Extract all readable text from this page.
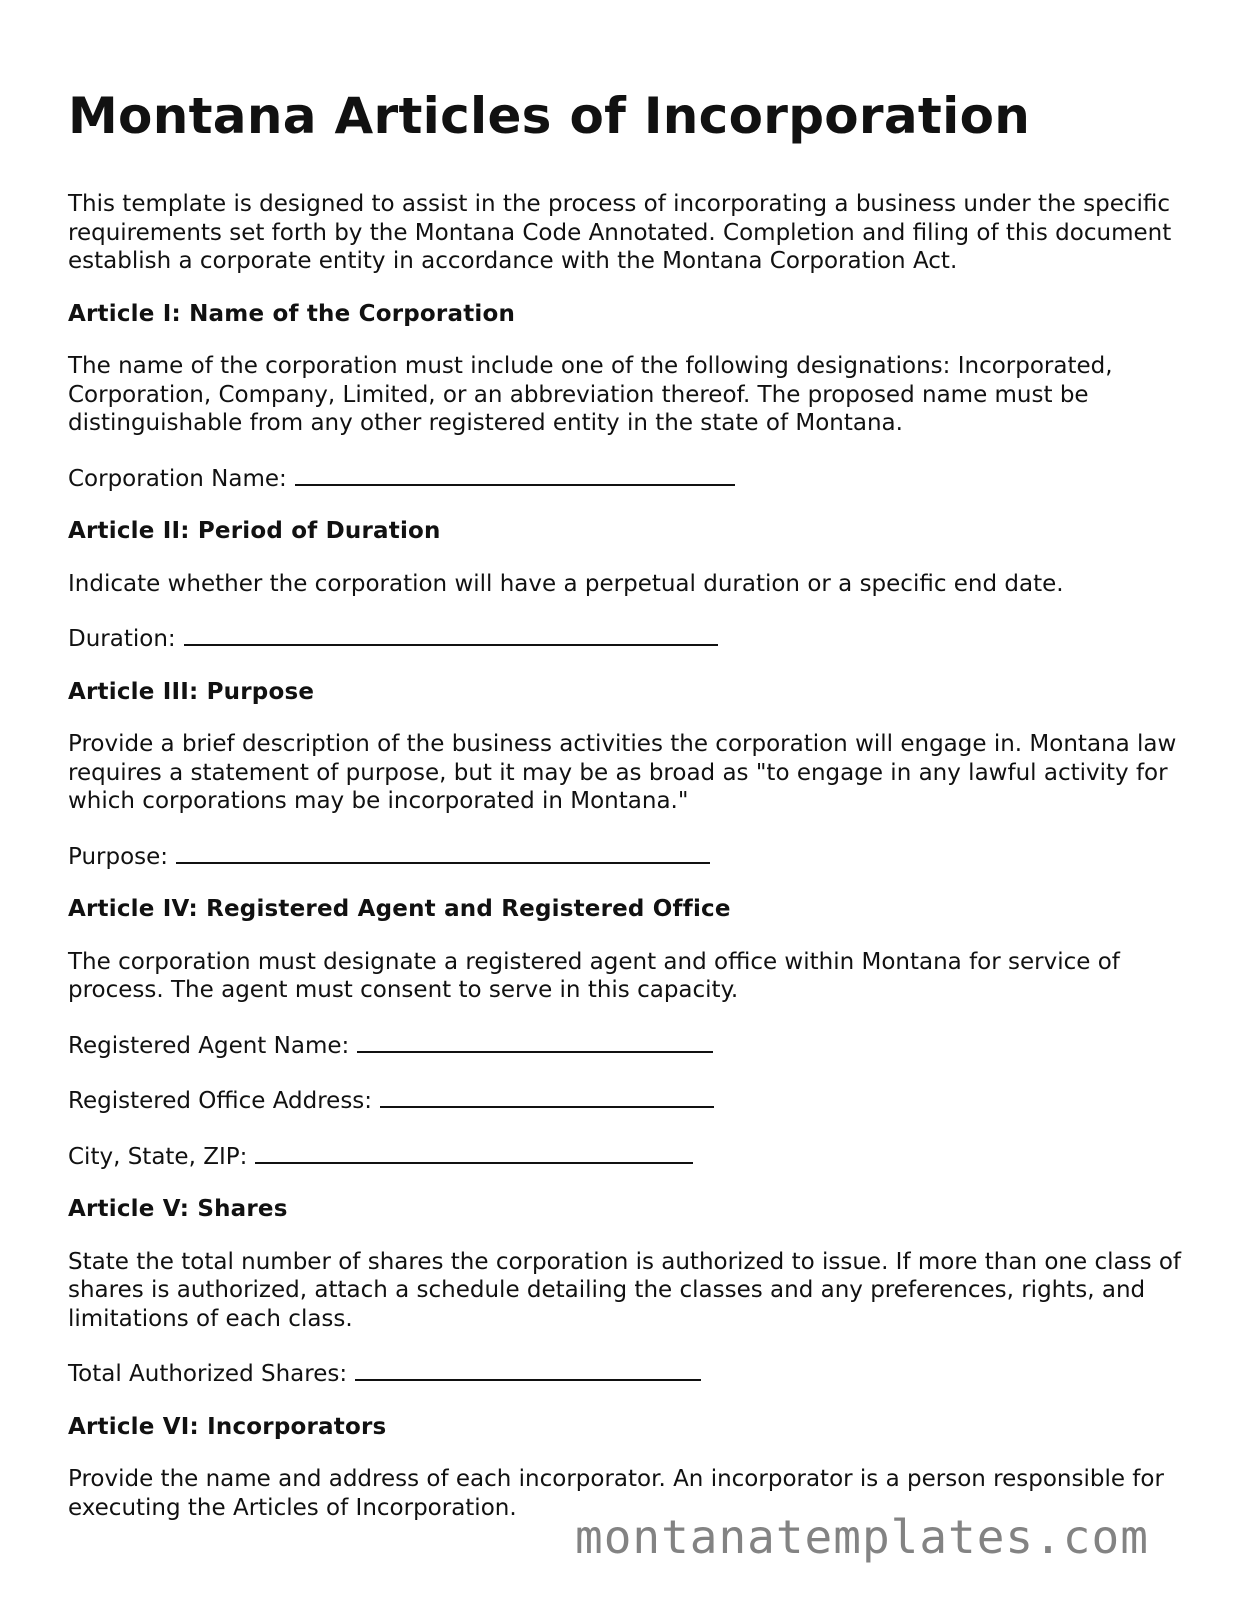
Montana Articles of Incorporation

This template is designed to assist in the process of incorporating a business under the specific requirements set forth by the Montana Code Annotated. Completion and filing of this document establish a corporate entity in accordance with the Montana Corporation Act.

Article I: Name of the Corporation

The name of the corporation must include one of the following designations: Incorporated, Corporation, Company, Limited, or an abbreviation thereof. The proposed name must be distinguishable from any other registered entity in the state of Montana.

Corporation Name:
Article II: Period of Duration

Indicate whether the corporation will have a perpetual duration or a specific end date.

Duration:
Article III: Purpose

Provide a brief description of the business activities the corporation will engage in. Montana law requires a statement of purpose, but it may be as broad as "to engage in any lawful activity for which corporations may be incorporated in Montana."

Purpose:
Article IV: Registered Agent and Registered Office

The corporation must designate a registered agent and office within Montana for service of process. The agent must consent to serve in this capacity.

Registered Agent Name:
Registered Office Address:
City, State, ZIP:
Article V: Shares

State the total number of shares the corporation is authorized to issue. If more than one class of shares is authorized, attach a schedule detailing the classes and any preferences, rights, and limitations of each class.

Total Authorized Shares:
Article VI: Incorporators

Provide the name and address of each incorporator. An incorporator is a person responsible for executing the Articles of Incorporation.

montanatemplates.com
